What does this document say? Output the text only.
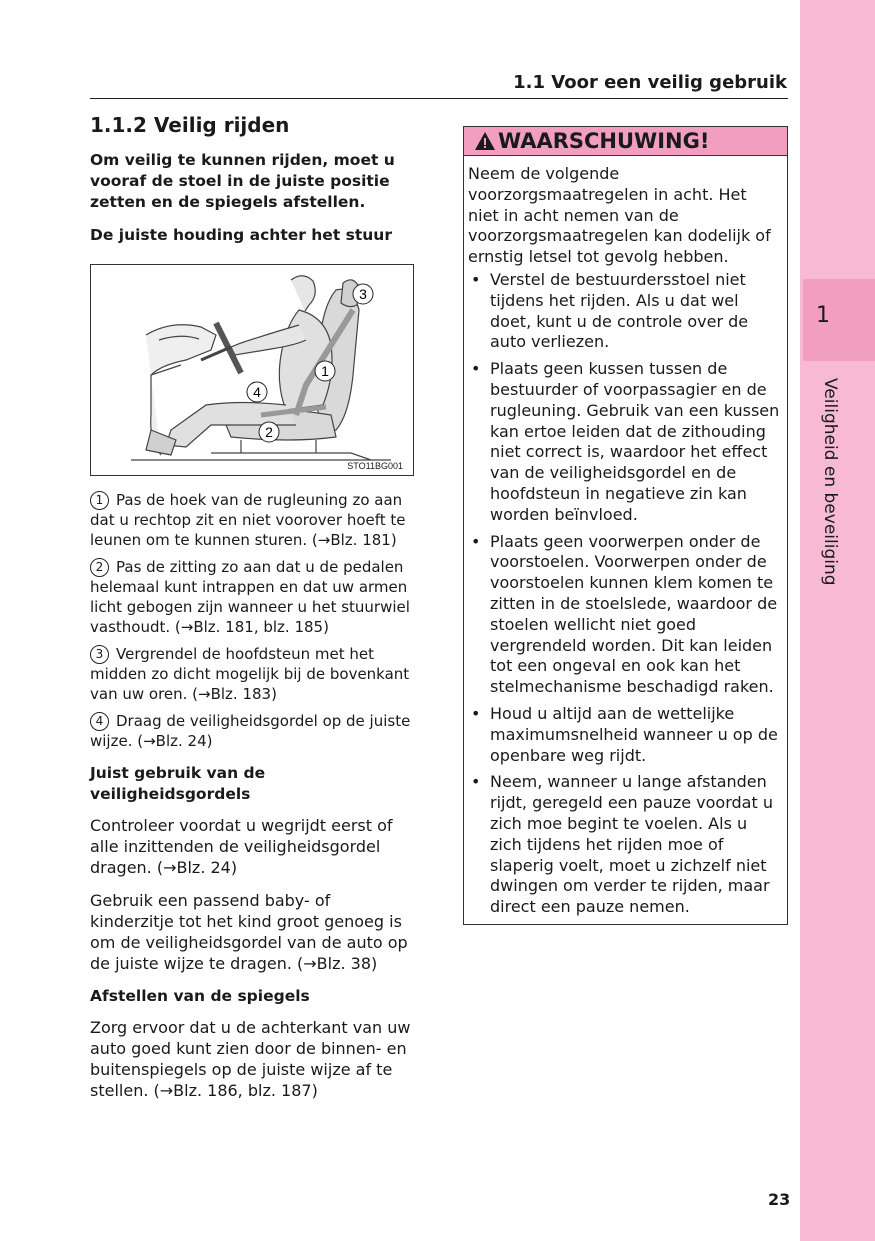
1
Veiligheid en beveiliging
1.1 Voor een veilig gebruik
1.1.2 Veilig rijden

Om veilig te kunnen rijden, moet u vooraf de stoel in de juiste positie zetten en de spiegels afstellen.

De juiste houding achter het stuur

1
2
3
4
STO11BG001

1 Pas de hoek van de rugleuning zo aan dat u rechtop zit en niet voorover hoeft te leunen om te kunnen sturen. (→Blz. 181)

2 Pas de zitting zo aan dat u de pedalen helemaal kunt intrappen en dat uw armen licht gebogen zijn wanneer u het stuurwiel vasthoudt. (→Blz. 181, blz. 185)

3 Vergrendel de hoofdsteun met het midden zo dicht mogelijk bij de bovenkant van uw oren. (→Blz. 183)

4 Draag de veiligheidsgordel op de juiste wijze. (→Blz. 24)

Juist gebruik van de veiligheidsgordels

Controleer voordat u wegrijdt eerst of alle inzittenden de veiligheidsgordel dragen. (→Blz. 24)

Gebruik een passend baby- of kinderzitje tot het kind groot genoeg is om de veiligheidsgordel van de auto op de juiste wijze te dragen. (→Blz. 38)

Afstellen van de spiegels

Zorg ervoor dat u de achterkant van uw auto goed kunt zien door de binnen- en buitenspiegels op de juiste wijze af te stellen. (→Blz. 186, blz. 187)

WAARSCHUWING!

Neem de volgende voorzorgsmaatregelen in acht. Het niet in acht nemen van de voorzorgsmaatregelen kan dodelijk of ernstig letsel tot gevolg hebben.

• Verstel de bestuurdersstoel niet tijdens het rijden. Als u dat wel doet, kunt u de controle over de auto verliezen.
• Plaats geen kussen tussen de bestuurder of voorpassagier en de rugleuning. Gebruik van een kussen kan ertoe leiden dat de zithouding niet correct is, waardoor het effect van de veiligheidsgordel en de hoofdsteun in negatieve zin kan worden beïnvloed.
• Plaats geen voorwerpen onder de voorstoelen. Voorwerpen onder de voorstoelen kunnen klem komen te zitten in de stoelslede, waardoor de stoelen wellicht niet goed vergrendeld worden. Dit kan leiden tot een ongeval en ook kan het stelmechanisme beschadigd raken.
• Houd u altijd aan de wettelijke maximumsnelheid wanneer u op de openbare weg rijdt.
• Neem, wanneer u lange afstanden rijdt, geregeld een pauze voordat u zich moe begint te voelen. Als u zich tijdens het rijden moe of slaperig voelt, moet u zichzelf niet dwingen om verder te rijden, maar direct een pauze nemen.
23
